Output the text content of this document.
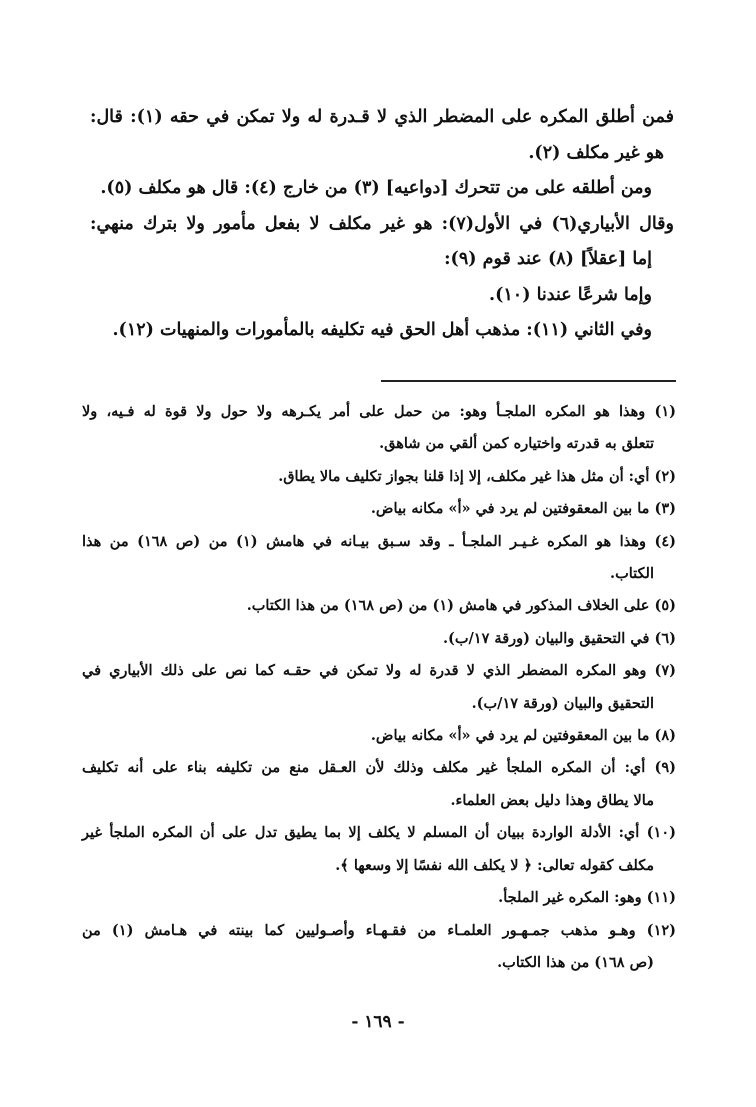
فمن أطلق المكره على المضطر الذي لا قـدرة له ولا تمكن في حقه (١): قال:

هو غير مكلف (٢).

ومن أطلقه على من تتحرك [دواعيه] (٣) من خارج (٤): قال هو مكلف (٥).

وقال الأبياري(٦) في الأول(٧): هو غير مكلف لا بفعل مأمور ولا بترك منهي:

إما [عقلاً] (٨) عند قوم (٩):

وإما شرعًا عندنا (١٠).

وفي الثاني (١١): مذهب أهل الحق فيه تكليفه بالمأمورات والمنهيات (١٢).

(١) وهذا هو المكره الملجـأ وهو: من حمل على أمر يكـرهه ولا حول ولا قوة له فـيه، ولا

تتعلق به قدرته واختياره كمن ألقي من شاهق.

(٢) أي: أن مثل هذا غير مكلف، إلا إذا قلنا بجواز تكليف مالا يطاق.

(٣) ما بين المعقوفتين لم يرد في «أ» مكانه بياض.

(٤) وهذا هو المكره غـيـر الملجـأ ـ وقد سـبق بيـانه في هامش (١) من (ص ١٦٨) من هذا

الكتاب.

(٥) على الخلاف المذكور في هامش (١) من (ص ١٦٨) من هذا الكتاب.

(٦) في التحقيق والبيان (ورقة ١٧/ب).

(٧) وهو المكره المضطر الذي لا قدرة له ولا تمكن في حقـه كما نص على ذلك الأبياري في

التحقيق والبيان (ورقة ١٧/ب).

(٨) ما بين المعقوفتين لم يرد في «أ» مكانه بياض.

(٩) أي: أن المكره الملجأ غير مكلف وذلك لأن العـقل منع من تكليفه بناء على أنه تكليف

مالا يطاق وهذا دليل بعض العلماء.

(١٠) أي: الأدلة الواردة ببيان أن المسلم لا يكلف إلا بما يطيق تدل على أن المكره الملجأ غير

مكلف كقوله تعالى: ﴿ لا يكلف الله نفسًا إلا وسعها ﴾.

(١١) وهو: المكره غير الملجأ.

(١٢) وهـو مذهب جمـهـور العلمـاء من فقـهـاء وأصـوليين كما بينته في هـامش (١) من

(ص ١٦٨) من هذا الكتاب.

- ١٦٩ -
